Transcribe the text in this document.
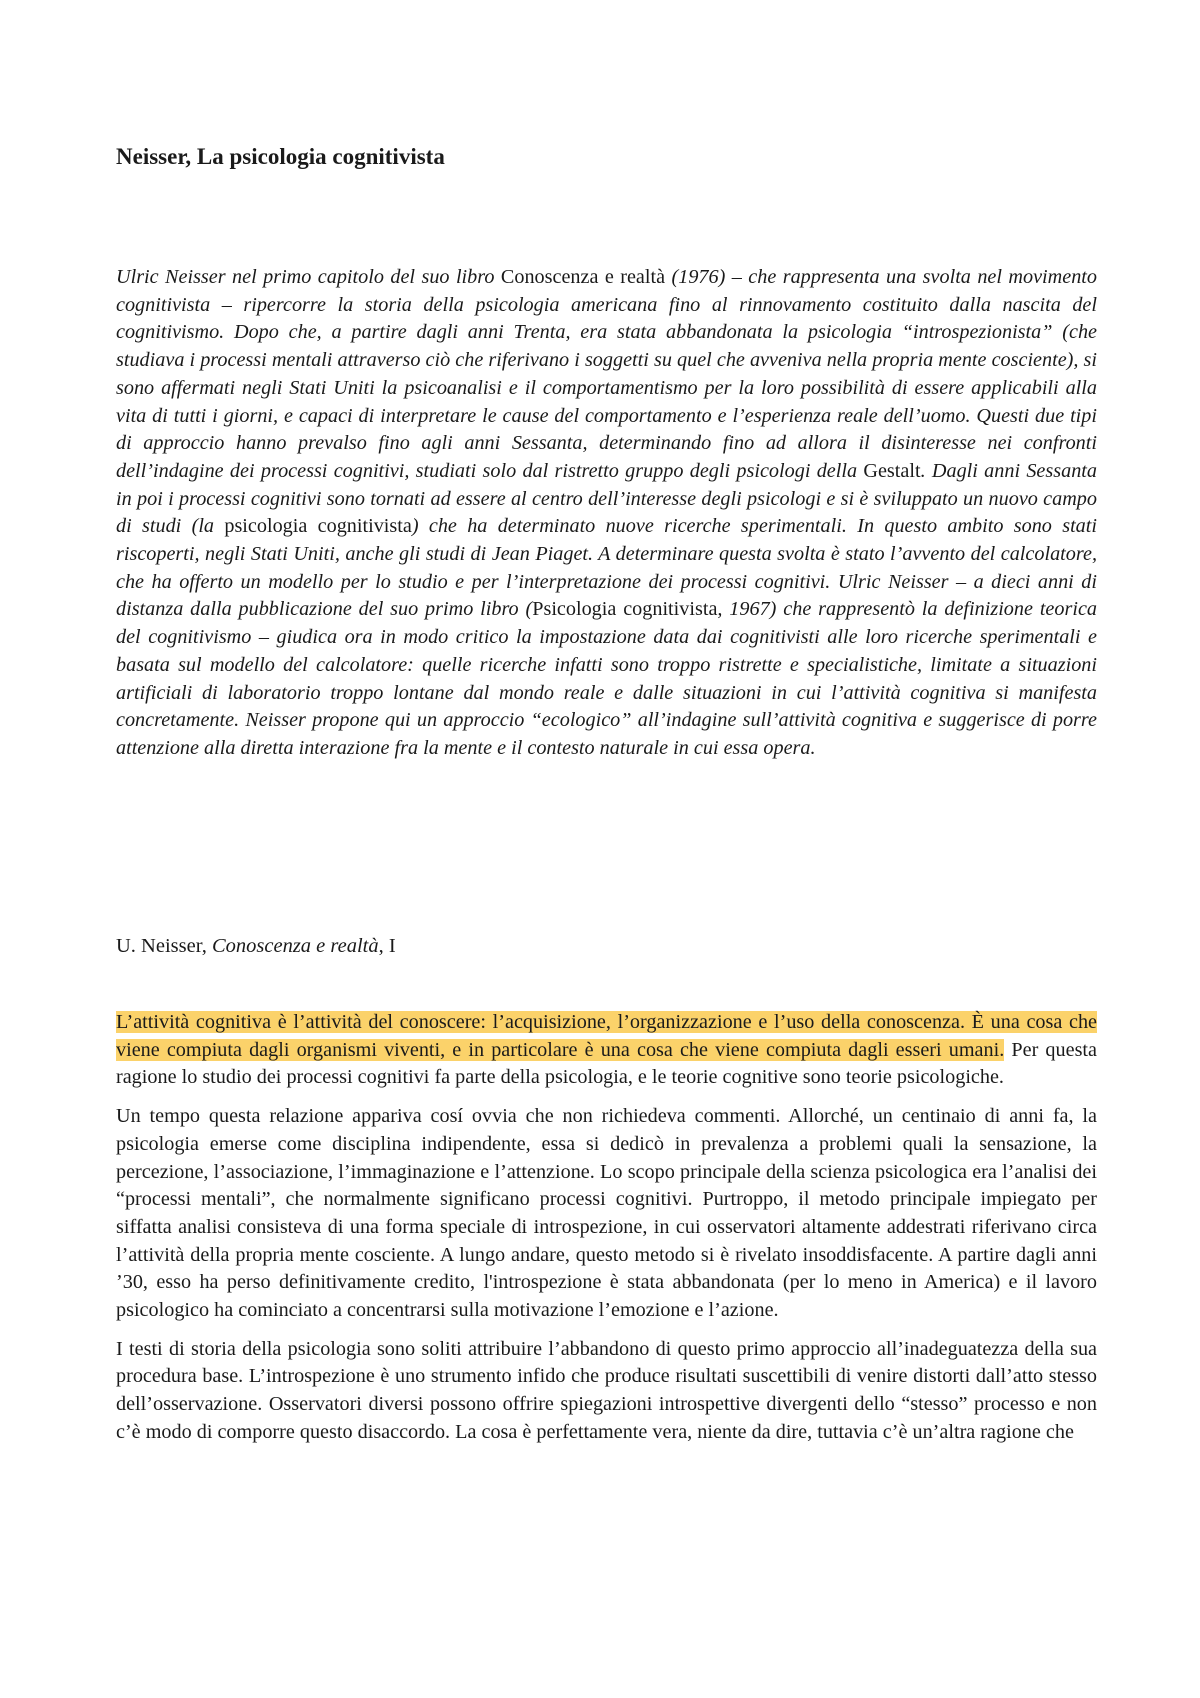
Neisser, La psicologia cognitivista

Ulric Neisser nel primo capitolo del suo libro Conoscenza e realtà (1976) – che rappresenta una svolta nel movimento cognitivista – ripercorre la storia della psicologia americana fino al rinnovamento costituito dalla nascita del cognitivismo. Dopo che, a partire dagli anni Trenta, era stata abbandonata la psicologia “introspezionista” (che studiava i processi mentali attraverso ciò che riferivano i soggetti su quel che avveniva nella propria mente cosciente), si sono affermati negli Stati Uniti la psicoanalisi e il comportamentismo per la loro possibilità di essere applicabili alla vita di tutti i giorni, e capaci di interpretare le cause del comportamento e l’esperienza reale dell’uomo. Questi due tipi di approccio hanno prevalso fino agli anni Sessanta, determinando fino ad allora il disinteresse nei confronti dell’indagine dei processi cognitivi, studiati solo dal ristretto gruppo degli psicologi della Gestalt. Dagli anni Sessanta in poi i processi cognitivi sono tornati ad essere al centro dell’interesse degli psicologi e si è sviluppato un nuovo campo di studi (la psicologia cognitivista) che ha determinato nuove ricerche sperimentali. In questo ambito sono stati riscoperti, negli Stati Uniti, anche gli studi di Jean Piaget. A determinare questa svolta è stato l’avvento del calcolatore, che ha offerto un modello per lo studio e per l’interpretazione dei processi cognitivi. Ulric Neisser – a dieci anni di distanza dalla pubblicazione del suo primo libro (Psicologia cognitivista, 1967) che rappresentò la definizione teorica del cognitivismo – giudica ora in modo critico la impostazione data dai cognitivisti alle loro ricerche sperimentali e basata sul modello del calcolatore: quelle ricerche infatti sono troppo ristrette e specialistiche, limitate a situazioni artificiali di laboratorio troppo lontane dal mondo reale e dalle situazioni in cui l’attività cognitiva si manifesta concretamente. Neisser propone qui un approccio “ecologico” all’indagine sull’attività cognitiva e suggerisce di porre attenzione alla diretta interazione fra la mente e il contesto naturale in cui essa opera.

U. Neisser, Conoscenza e realtà, I

L’attività cognitiva è l’attività del conoscere: l’acquisizione, l’organizzazione e l’uso della conoscenza. È una cosa che viene compiuta dagli organismi viventi, e in particolare è una cosa che viene compiuta dagli esseri umani. Per questa ragione lo studio dei processi cognitivi fa parte della psicologia, e le teorie cognitive sono teorie psicologiche.

Un tempo questa relazione appariva cosí ovvia che non richiedeva commenti. Allorché, un centinaio di anni fa, la psicologia emerse come disciplina indipendente, essa si dedicò in prevalenza a problemi quali la sensazione, la percezione, l’associazione, l’immaginazione e l’attenzione. Lo scopo principale della scienza psicologica era l’analisi dei “processi mentali”, che normalmente significano processi cognitivi. Purtroppo, il metodo principale impiegato per siffatta analisi consisteva di una forma speciale di introspezione, in cui osservatori altamente addestrati riferivano circa l’attività della propria mente cosciente. A lungo andare, questo metodo si è rivelato insoddisfacente. A partire dagli anni ’30, esso ha perso definitivamente credito, l'introspezione è stata abbandonata (per lo meno in America) e il lavoro psicologico ha cominciato a concentrarsi sulla motivazione l’emozione e l’azione.

I testi di storia della psicologia sono soliti attribuire l’abbandono di questo primo approccio all’inadeguatezza della sua procedura base. L’introspezione è uno strumento infido che produce risultati suscettibili di venire distorti dall’atto stesso dell’osservazione. Osservatori diversi possono offrire spiegazioni introspettive divergenti dello “stesso” processo e non c’è modo di comporre questo disaccordo. La cosa è perfettamente vera, niente da dire, tuttavia c’è un’altra ragione che
